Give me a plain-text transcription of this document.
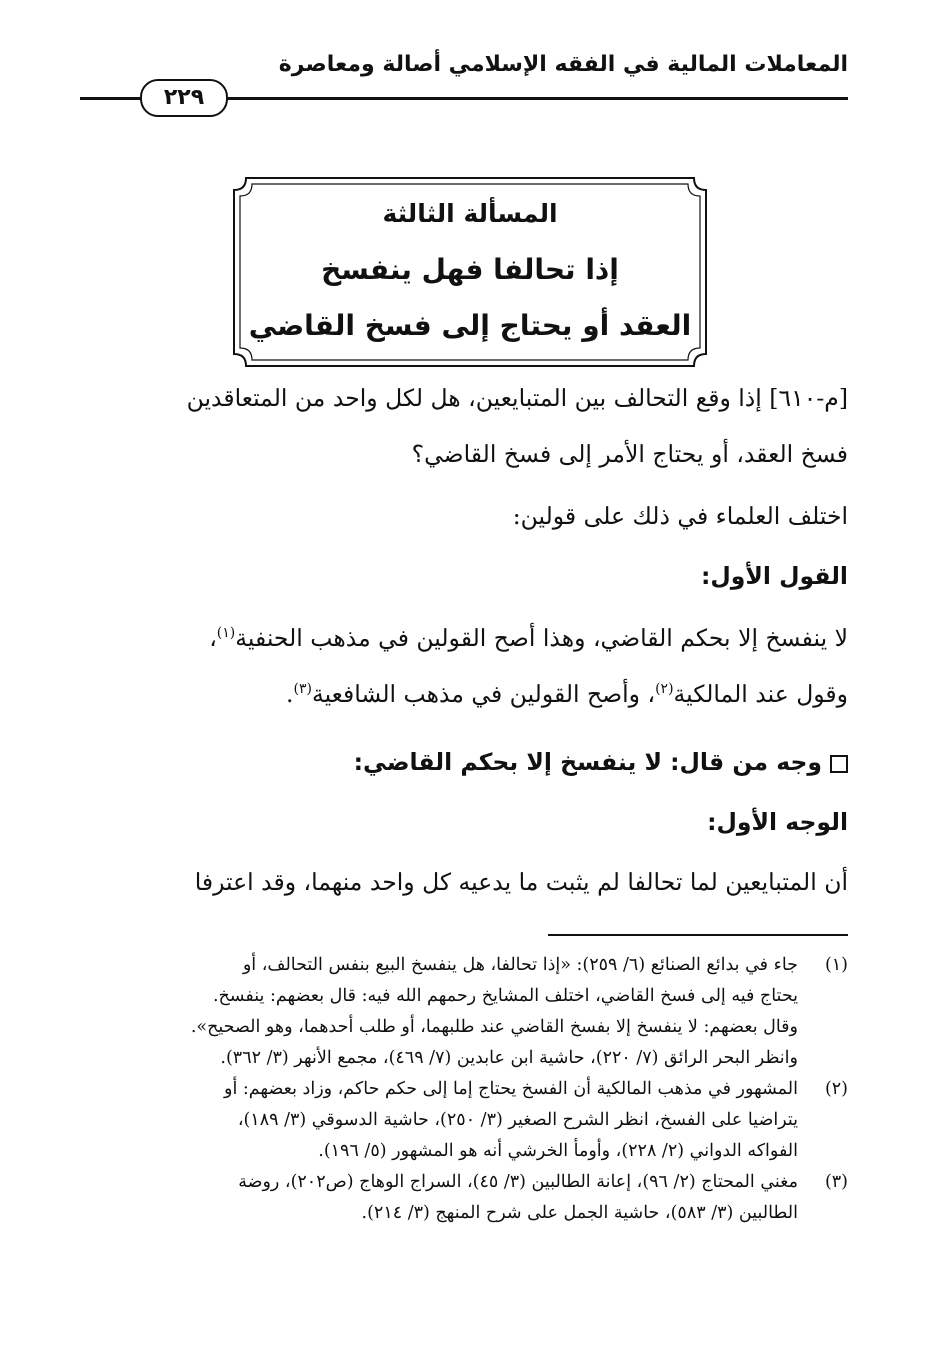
المعاملات المالية في الفقه الإسلامي أصالة ومعاصرة
٢٢٩
المسألة الثالثة
إذا تحالفا فهل ينفسخ
العقد أو يحتاج إلى فسخ القاضي
[م-٦١٠] إذا وقع التحالف بين المتبايعين، هل لكل واحد من المتعاقدين
فسخ العقد، أو يحتاج الأمر إلى فسخ القاضي؟
اختلف العلماء في ذلك على قولين:
القول الأول:
لا ينفسخ إلا بحكم القاضي، وهذا أصح القولين في مذهب الحنفية$^{(١)}$،
وقول عند المالكية$^{(٢)}$، وأصح القولين في مذهب الشافعية$^{(٣)}$.
وجه من قال: لا ينفسخ إلا بحكم القاضي:
الوجه الأول:
أن المتبايعين لما تحالفا لم يثبت ما يدعيه كل واحد منهما، وقد اعترفا
(١)
جاء في بدائع الصنائع (٦/ ٢٥٩): «إذا تحالفا، هل ينفسخ البيع بنفس التحالف، أو
يحتاج فيه إلى فسخ القاضي، اختلف المشايخ رحمهم الله فيه: قال بعضهم: ينفسخ.
وقال بعضهم: لا ينفسخ إلا بفسخ القاضي عند طلبهما، أو طلب أحدهما، وهو الصحيح».
وانظر البحر الرائق (٧/ ٢٢٠)، حاشية ابن عابدين (٧/ ٤٦٩)، مجمع الأنهر (٣/ ٣٦٢).
(٢)
المشهور في مذهب المالكية أن الفسخ يحتاج إما إلى حكم حاكم، وزاد بعضهم: أو
يتراضيا على الفسخ، انظر الشرح الصغير (٣/ ٢٥٠)، حاشية الدسوقي (٣/ ١٨٩)،
الفواكه الدواني (٢/ ٢٢٨)، وأومأ الخرشي أنه هو المشهور (٥/ ١٩٦).
(٣)
مغني المحتاج (٢/ ٩٦)، إعانة الطالبين (٣/ ٤٥)، السراج الوهاج (ص٢٠٢)، روضة
الطالبين (٣/ ٥٨٣)، حاشية الجمل على شرح المنهج (٣/ ٢١٤).
